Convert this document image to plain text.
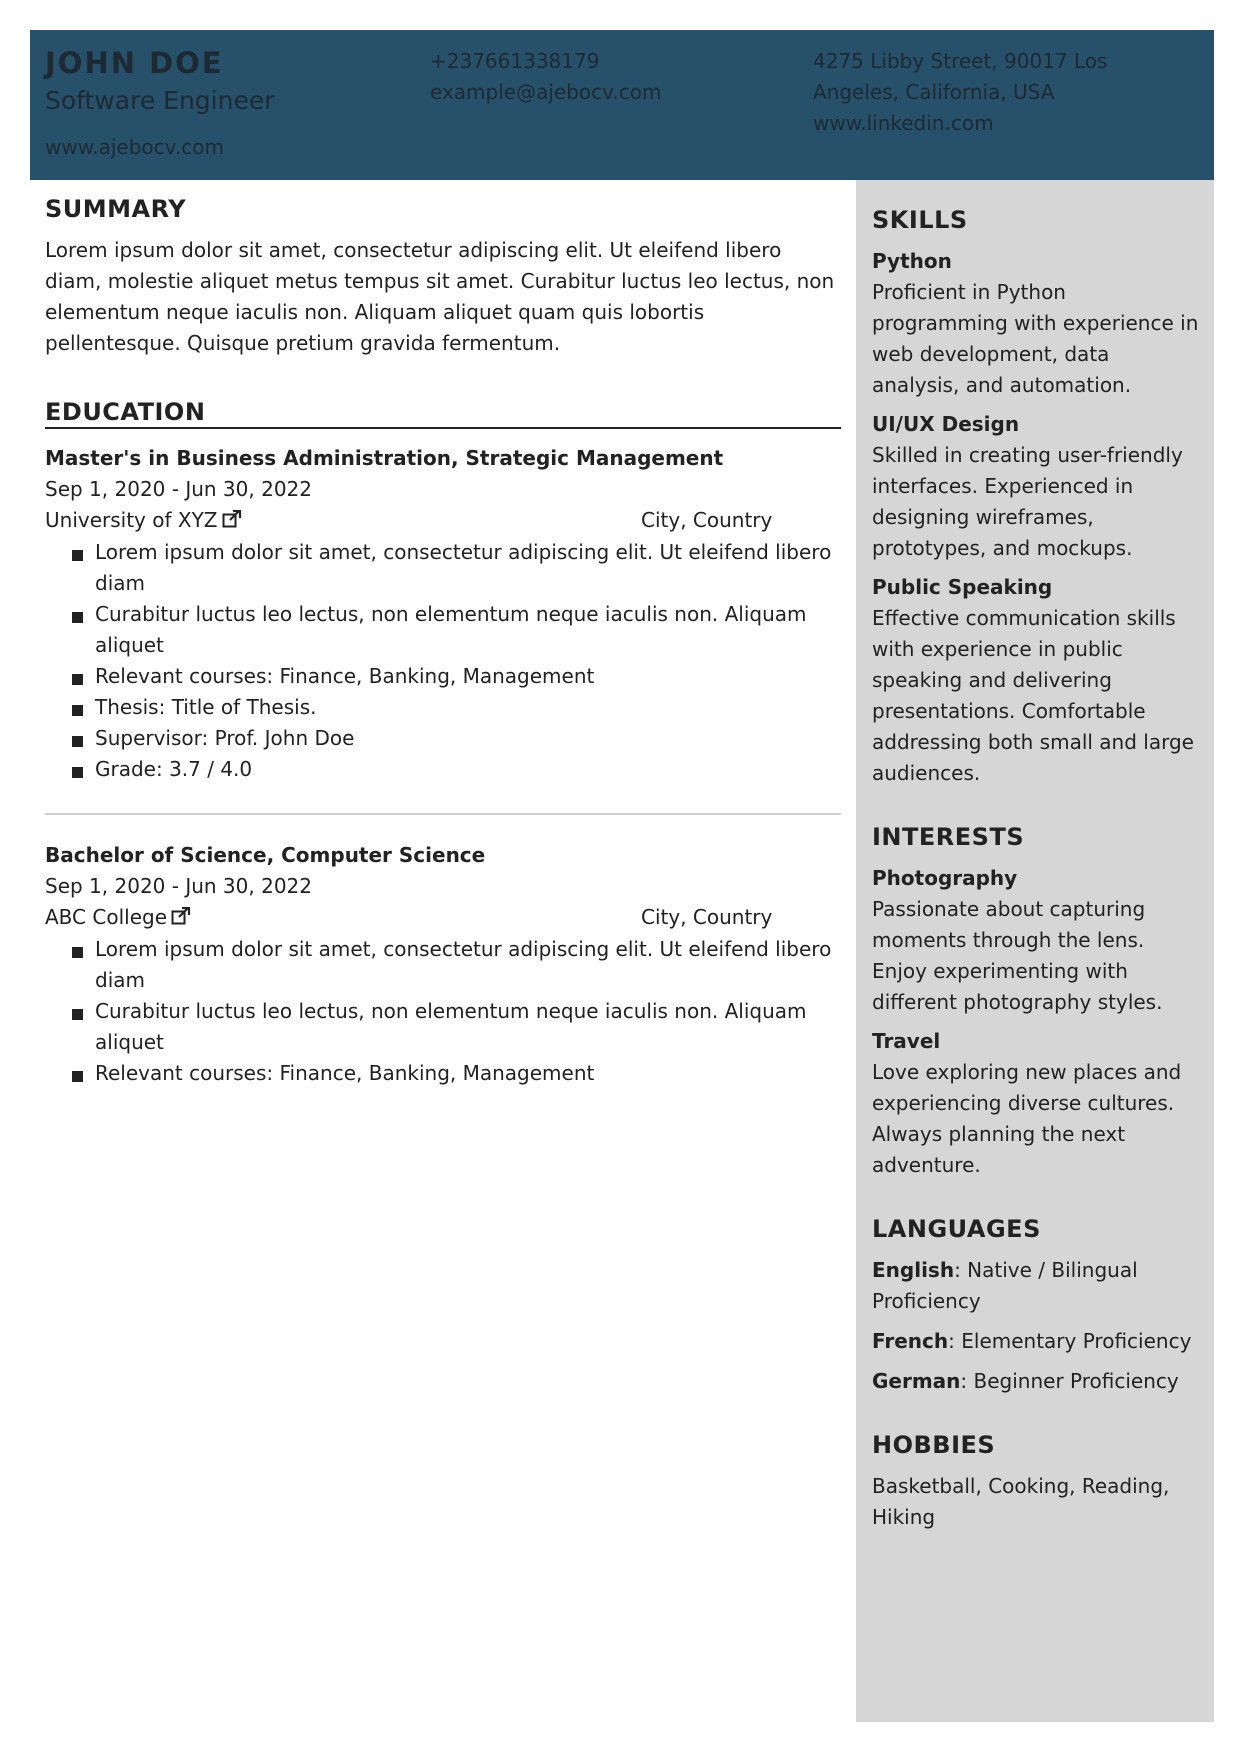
JOHN DOE
Software Engineer
www.ajebocv.com
+237661338179
example@ajebocv.com
4275 Libby Street, 90017 Los
Angeles, California, USA
www.linkedin.com
SUMMARY
Lorem ipsum dolor sit amet, consectetur adipiscing elit. Ut eleifend libero diam, molestie aliquet metus tempus sit amet. Curabitur luctus leo lectus, non elementum neque iaculis non. Aliquam aliquet quam quis lobortis pellentesque. Quisque pretium gravida fermentum.
EDUCATION
Master's in Business Administration, Strategic Management
Sep 1, 2020 - Jun 30, 2022
University of XYZ	City, Country
Lorem ipsum dolor sit amet, consectetur adipiscing elit. Ut eleifend libero diam
Curabitur luctus leo lectus, non elementum neque iaculis non. Aliquam aliquet
Relevant courses: Finance, Banking, Management
Thesis: Title of Thesis.
Supervisor: Prof. John Doe
Grade: 3.7 / 4.0
Bachelor of Science, Computer Science
Sep 1, 2020 - Jun 30, 2022
ABC College	City, Country
Lorem ipsum dolor sit amet, consectetur adipiscing elit. Ut eleifend libero diam
Curabitur luctus leo lectus, non elementum neque iaculis non. Aliquam aliquet
Relevant courses: Finance, Banking, Management
SKILLS
Python
Proficient in Python programming with experience in web development, data analysis, and automation.
UI/UX Design
Skilled in creating user-friendly interfaces. Experienced in designing wireframes, prototypes, and mockups.
Public Speaking
Effective communication skills with experience in public speaking and delivering presentations. Comfortable addressing both small and large audiences.
INTERESTS
Photography
Passionate about capturing moments through the lens. Enjoy experimenting with different photography styles.
Travel
Love exploring new places and experiencing diverse cultures. Always planning the next adventure.
LANGUAGES
English: Native / Bilingual Proficiency
French: Elementary Proficiency
German: Beginner Proficiency
HOBBIES
Basketball, Cooking, Reading, Hiking
